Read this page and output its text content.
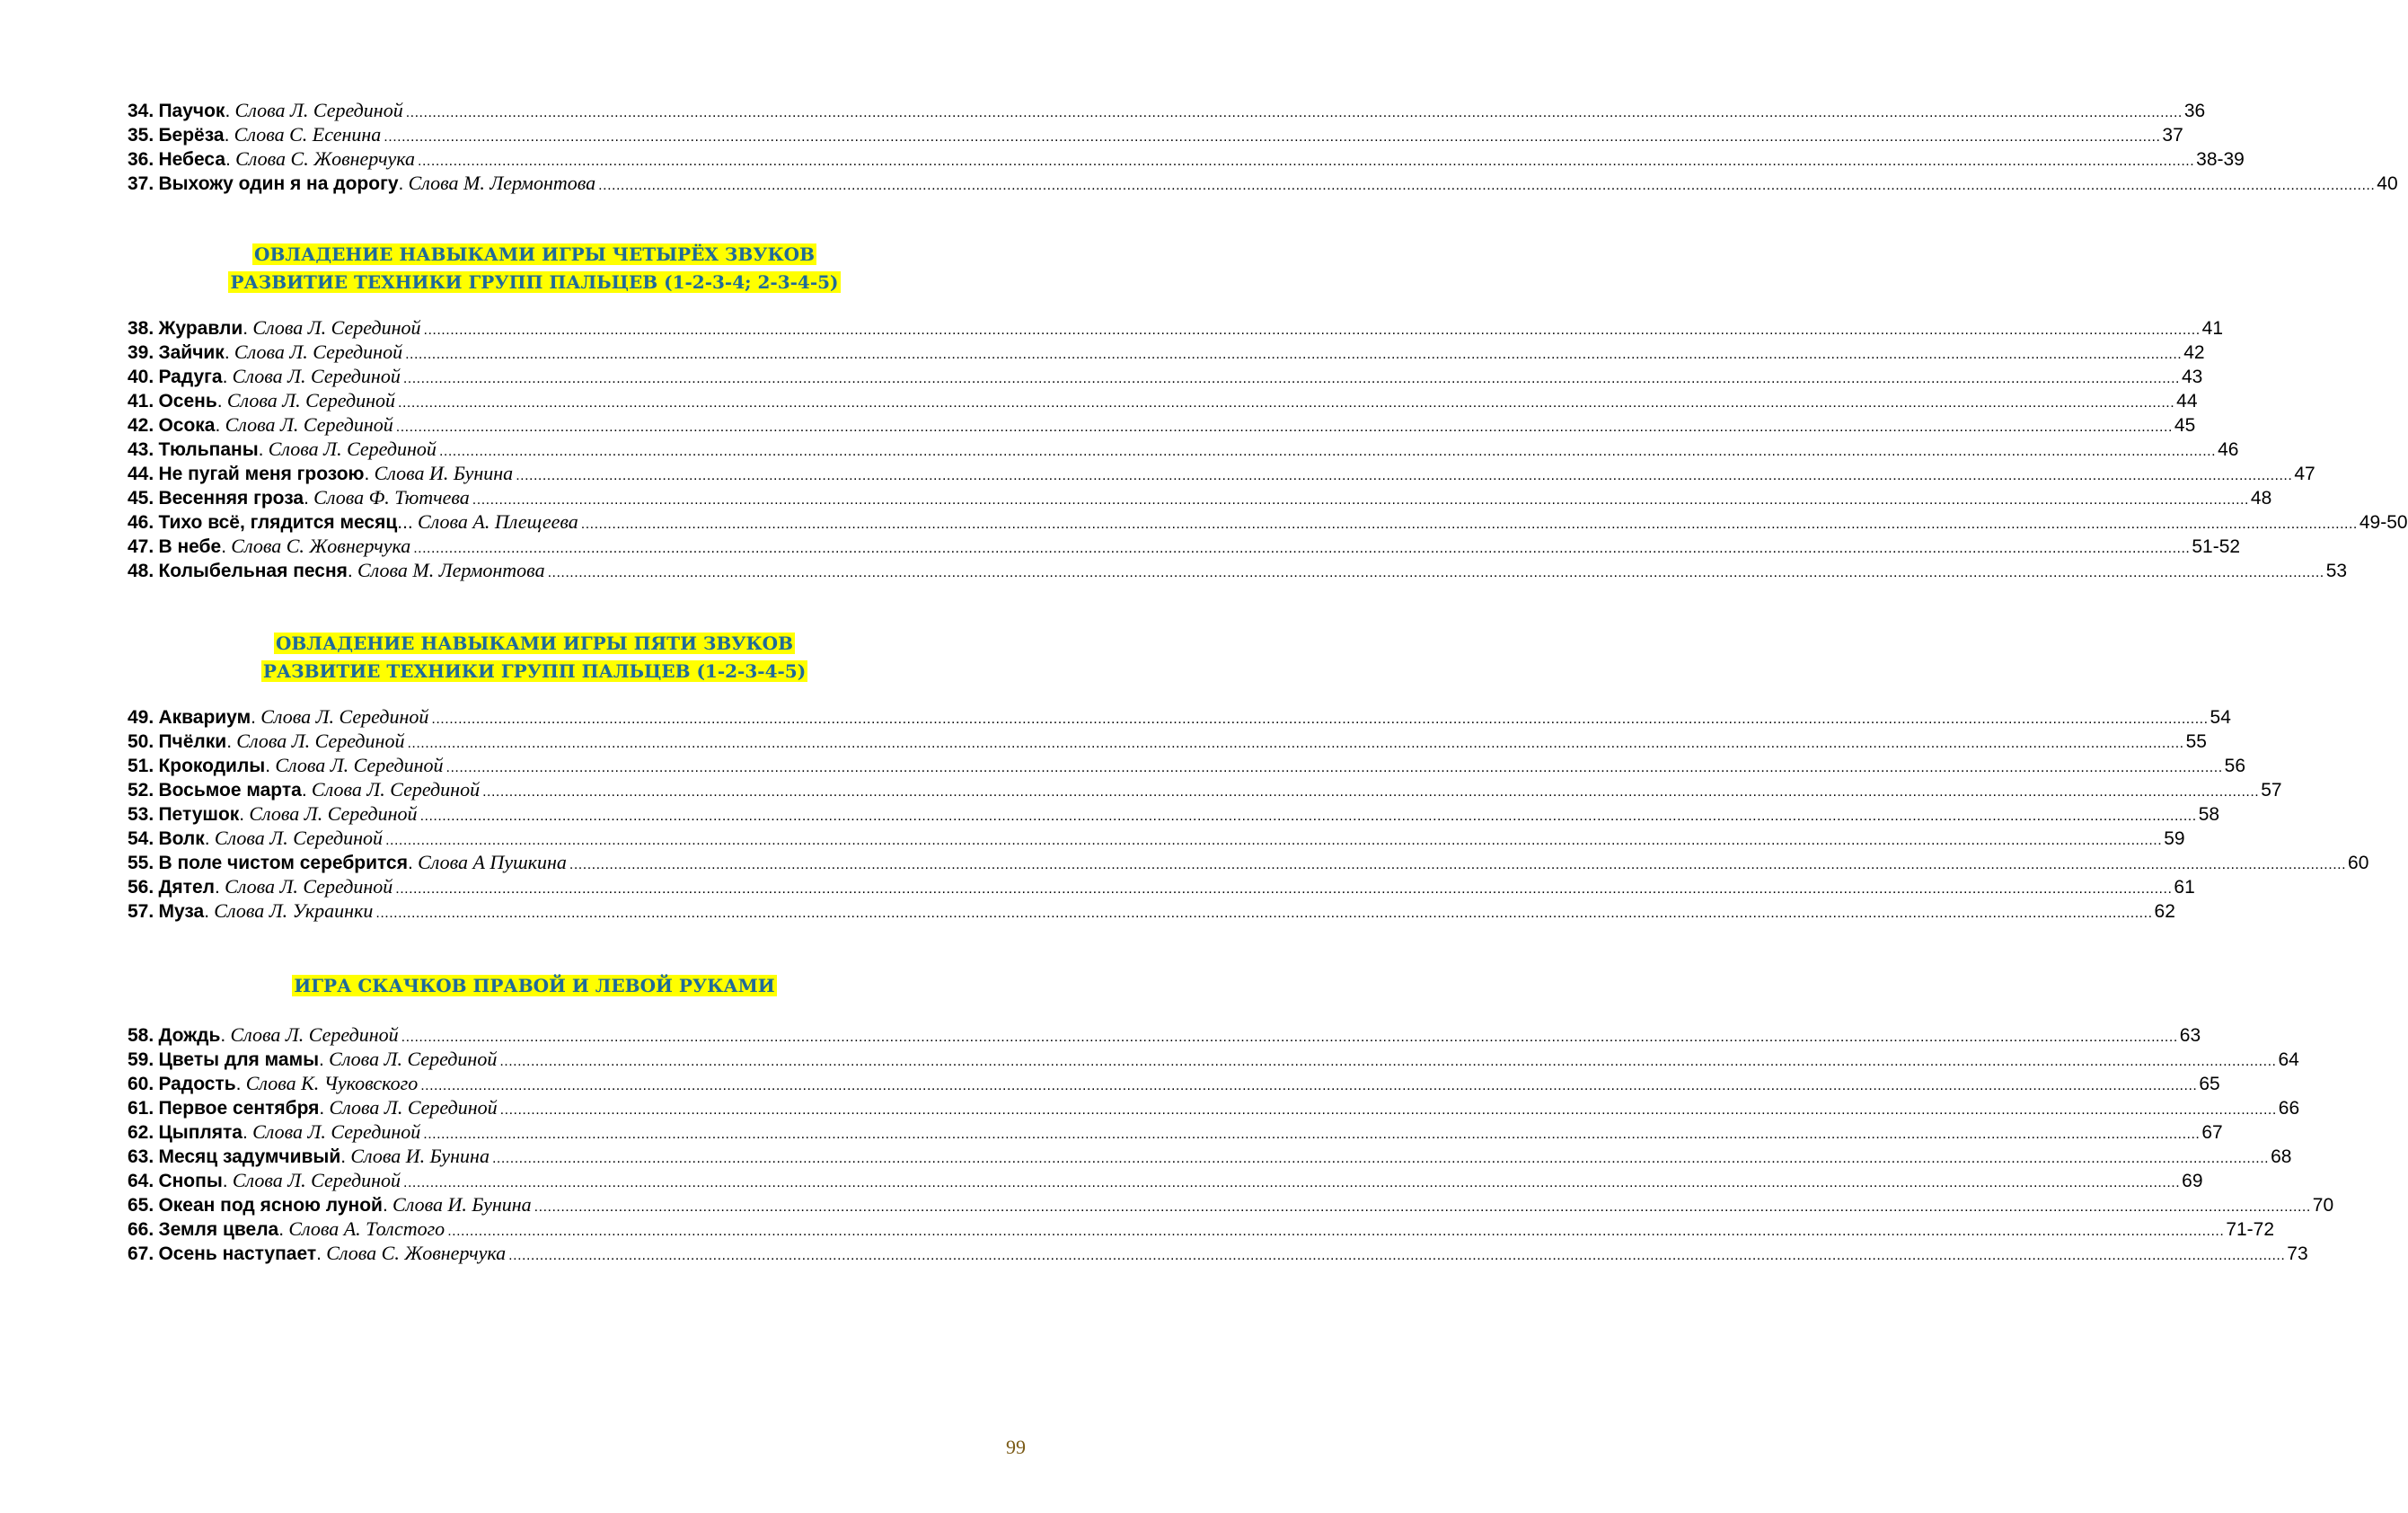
34.
Паучок .
Слова Л. Серединой ................................................................................................................................................................................................................................................................................................................................................................................................................ 36
35.
Берёза .
Слова С. Есенина ................................................................................................................................................................................................................................................................................................................................................................................................................ 37
36.
Небеса .
Слова С. Жовнерчука ................................................................................................................................................................................................................................................................................................................................................................................................................ 38-39
37.
Выхожу один я на дорогу .
Слова М. Лермонтова ................................................................................................................................................................................................................................................................................................................................................................................................................ 40
ОВЛАДЕНИЕ НАВЫКАМИ ИГРЫ ЧЕТЫРЁХ ЗВУКОВ
РАЗВИТИЕ ТЕХНИКИ ГРУПП ПАЛЬЦЕВ (1-2-3-4; 2-3-4-5)
38.
Журавли .
Слова Л. Серединой ................................................................................................................................................................................................................................................................................................................................................................................................................ 41
39.
Зайчик .
Слова Л. Серединой ................................................................................................................................................................................................................................................................................................................................................................................................................ 42
40.
Радуга .
Слова Л. Серединой ................................................................................................................................................................................................................................................................................................................................................................................................................ 43
41.
Осень .
Слова Л. Серединой ................................................................................................................................................................................................................................................................................................................................................................................................................ 44
42.
Осока .
Слова Л. Серединой ................................................................................................................................................................................................................................................................................................................................................................................................................ 45
43.
Тюльпаны .
Слова Л. Серединой ................................................................................................................................................................................................................................................................................................................................................................................................................ 46
44.
Не пугай меня грозою .
Слова И. Бунина ................................................................................................................................................................................................................................................................................................................................................................................................................ 47
45.
Весенняя гроза .
Слова Ф. Тютчева ................................................................................................................................................................................................................................................................................................................................................................................................................ 48
46.
Тихо всё, глядится месяц ...
Слова А. Плещеева ................................................................................................................................................................................................................................................................................................................................................................................................................ 49-50
47.
В небе .
Слова С. Жовнерчука ................................................................................................................................................................................................................................................................................................................................................................................................................ 51-52
48.
Колыбельная песня .
Слова М. Лермонтова ................................................................................................................................................................................................................................................................................................................................................................................................................ 53
ОВЛАДЕНИЕ НАВЫКАМИ ИГРЫ ПЯТИ ЗВУКОВ
РАЗВИТИЕ ТЕХНИКИ ГРУПП ПАЛЬЦЕВ (1-2-3-4-5)
49.
Аквариум .
Слова Л. Серединой ................................................................................................................................................................................................................................................................................................................................................................................................................ 54
50.
Пчёлки .
Слова Л. Серединой ................................................................................................................................................................................................................................................................................................................................................................................................................ 55
51.
Крокодилы .
Слова Л. Серединой ................................................................................................................................................................................................................................................................................................................................................................................................................ 56
52.
Восьмое марта .
Слова Л. Серединой ................................................................................................................................................................................................................................................................................................................................................................................................................ 57
53.
Петушок .
Слова Л. Серединой ................................................................................................................................................................................................................................................................................................................................................................................................................ 58
54.
Волк .
Слова Л. Серединой ................................................................................................................................................................................................................................................................................................................................................................................................................ 59
55.
В поле чистом серебрится .
Слова А Пушкина ................................................................................................................................................................................................................................................................................................................................................................................................................ 60
56.
Дятел .
Слова Л. Серединой ................................................................................................................................................................................................................................................................................................................................................................................................................ 61
57.
Муза .
Слова Л. Украинки ................................................................................................................................................................................................................................................................................................................................................................................................................ 62
ИГРА СКАЧКОВ ПРАВОЙ И ЛЕВОЙ РУКАМИ
58.
Дождь .
Слова Л. Серединой ................................................................................................................................................................................................................................................................................................................................................................................................................ 63
59.
Цветы для мамы .
Слова Л. Серединой ................................................................................................................................................................................................................................................................................................................................................................................................................ 64
60.
Радость .
Слова К. Чуковского ................................................................................................................................................................................................................................................................................................................................................................................................................ 65
61.
Первое сентября .
Слова Л. Серединой ................................................................................................................................................................................................................................................................................................................................................................................................................ 66
62.
Цыплята .
Слова Л. Серединой ................................................................................................................................................................................................................................................................................................................................................................................................................ 67
63.
Месяц задумчивый .
Слова И. Бунина ................................................................................................................................................................................................................................................................................................................................................................................................................ 68
64.
Снопы .
Слова Л. Серединой ................................................................................................................................................................................................................................................................................................................................................................................................................ 69
65.
Океан под ясною луной .
Слова И. Бунина ................................................................................................................................................................................................................................................................................................................................................................................................................ 70
66.
Земля цвела .
Слова А. Толстого ................................................................................................................................................................................................................................................................................................................................................................................................................ 71-72
67.
Осень наступает .
Слова С. Жовнерчука ................................................................................................................................................................................................................................................................................................................................................................................................................ 73
99
